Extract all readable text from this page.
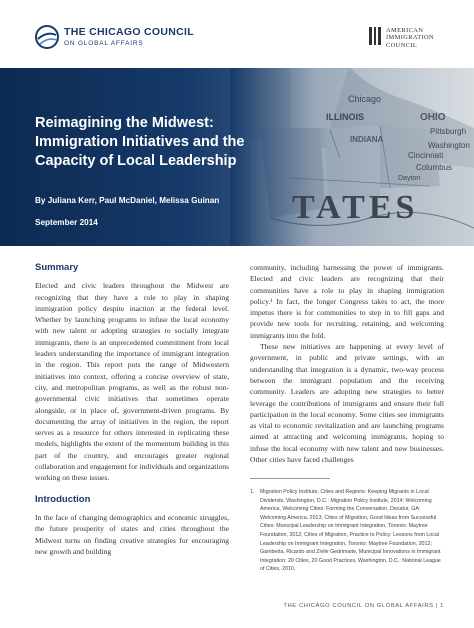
THE CHICAGO COUNCIL
ON GLOBAL AFFAIRS
AMERICAN
IMMIGRATION
COUNCIL
Chicago
ILLINOIS
INDIANA
OHIO
Pittsburgh
Washington
Cincinnati
Columbus
Dayton
TATES
Reimagining the Midwest: Immigration Initiatives and the Capacity of Local Leadership
By Juliana Kerr, Paul McDaniel, Melissa Guinan
September 2014
Summary

Elected and civic leaders throughout the Midwest are recognizing that they have a role to play in shaping immigration policy despite inaction at the federal level. Whether by launching programs to infuse the local economy with new talent or adopting strategies to socially integrate immigrants, there is an unprecedented commitment from local leaders understanding the importance of immigrant integration in the region. This report puts the range of Midwestern initiatives into context, offering a concise overview of state, city, and metropolitan programs, as well as the robust non-governmental civic initiatives that sometimes operate alongside, or in place of, government-driven programs. By documenting the array of initiatives in the region, the report serves as a resource for others interested in replicating these models, highlights the extent of the momentum building in this part of the country, and encourages greater regional collaboration and engagement for individuals and organizations working on these issues.

Introduction

In the face of changing demographics and economic struggles, the future prosperity of states and cities throughout the Midwest turns on finding creative strategies for encouraging new growth and building

community, including harnessing the power of immigrants. Elected and civic leaders are recognizing that their communities have a role to play in shaping immigration policy.¹ In fact, the longer Congress takes to act, the more impetus there is for communities to step in to fill gaps and provide new tools for recruiting, retaining, and welcoming immigrants into the fold.

These new initiatives are happening at every level of government, in public and private settings, with an understanding that integration is a dynamic, two-way process between the immigrant population and the receiving community. Leaders are adopting new strategies to better leverage the contributions of immigrants and ensure their full participation in the local economy. Some cities see immigrants as vital to economic revitalization and are launching programs aimed at attracting and welcoming immigrants, hoping to infuse the local economy with new talent and new businesses. Other cities have faced challenges

1. Migration Policy Institute, Cities and Regions: Keeping Migrants in Local Dividends, Washington, D.C.: Migration Policy Institute, 2014; Welcoming America, Welcoming Cities: Forming the Conversation, Decatur, GA: Welcoming America, 2013; Cities of Migration, Good Ideas from Successful Cities: Municipal Leadership on Immigrant Integration, Toronto: Maytree Foundation, 2012; Cities of Migration, Practice to Policy: Lessons from Local Leadership on Immigrant Integration, Toronto: Maytree Foundation, 2012; Gambetta, Ricardo and Zivile Gedrimaite, Municipal Innovations in Immigrant Integration: 20 Cities, 20 Good Practices, Washington, D.C.: National League of Cities, 2010.
THE CHICAGO COUNCIL ON GLOBAL AFFAIRS | 1
